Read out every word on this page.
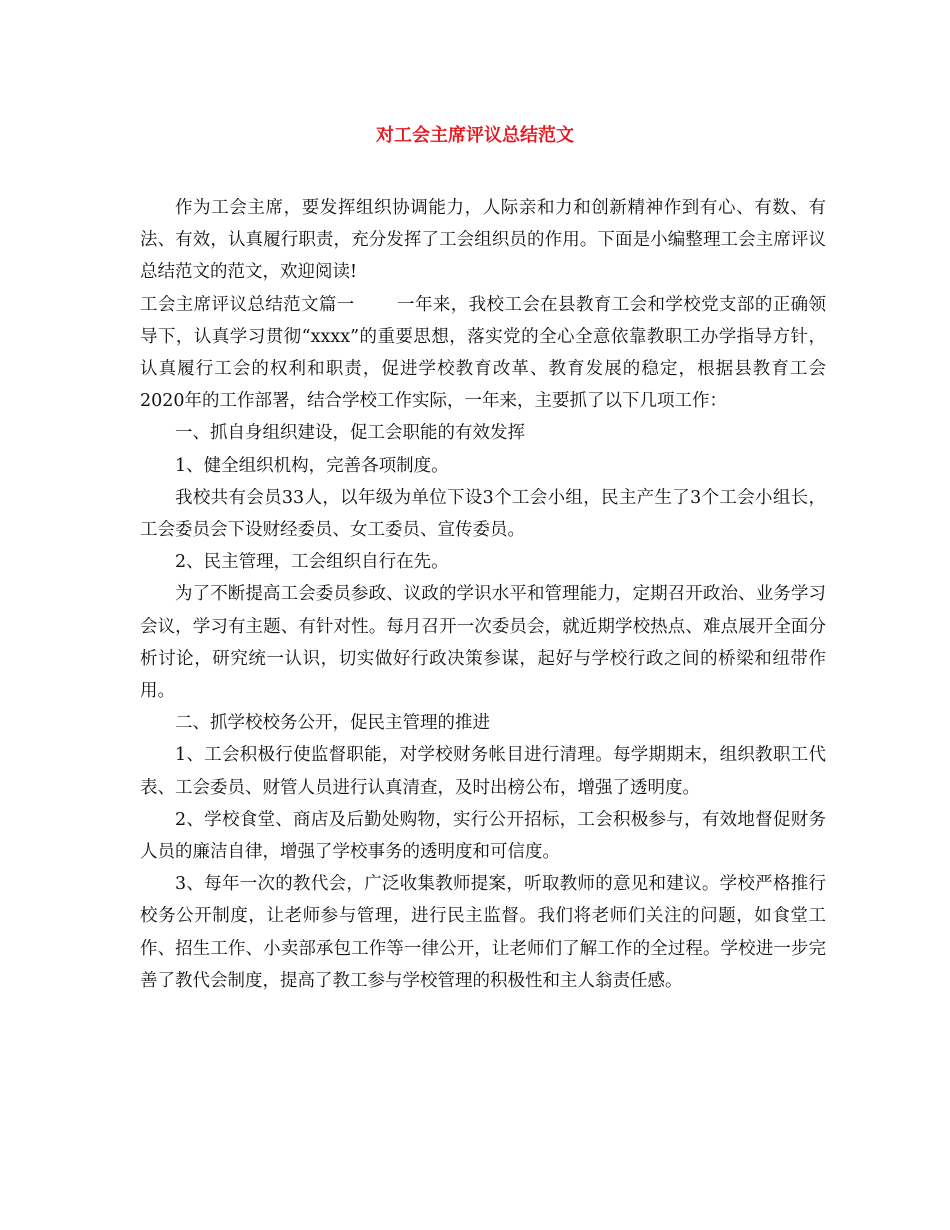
对工会主席评议总结范文

作为工会主席，要发挥组织协调能力，人际亲和力和创新精神作到有心、有数、有法、有效，认真履行职责，充分发挥了工会组织员的作用。下面是小编整理工会主席评议总结范文的范文，欢迎阅读!

工会主席评议总结范文篇一 一年来，我校工会在县教育工会和学校党支部的正确领导下，认真学习贯彻“xxxx”的重要思想，落实党的全心全意依靠教职工办学指导方针，认真履行工会的权利和职责，促进学校教育改革、教育发展的稳定，根据县教育工会2020年的工作部署，结合学校工作实际，一年来，主要抓了以下几项工作：

一、抓自身组织建设，促工会职能的有效发挥

1、健全组织机构，完善各项制度。

我校共有会员33人，以年级为单位下设3个工会小组，民主产生了3个工会小组长，工会委员会下设财经委员、女工委员、宣传委员。

2、民主管理，工会组织自行在先。

为了不断提高工会委员参政、议政的学识水平和管理能力，定期召开政治、业务学习会议，学习有主题、有针对性。每月召开一次委员会，就近期学校热点、难点展开全面分析讨论，研究统一认识，切实做好行政决策参谋，起好与学校行政之间的桥梁和纽带作用。

二、抓学校校务公开，促民主管理的推进

1、工会积极行使监督职能，对学校财务帐目进行清理。每学期期末，组织教职工代表、工会委员、财管人员进行认真清查，及时出榜公布，增强了透明度。

2、学校食堂、商店及后勤处购物，实行公开招标，工会积极参与，有效地督促财务人员的廉洁自律，增强了学校事务的透明度和可信度。

3、每年一次的教代会，广泛收集教师提案，听取教师的意见和建议。学校严格推行校务公开制度，让老师参与管理，进行民主监督。我们将老师们关注的问题，如食堂工作、招生工作、小卖部承包工作等一律公开，让老师们了解工作的全过程。学校进一步完善了教代会制度，提高了教工参与学校管理的积极性和主人翁责任感。
